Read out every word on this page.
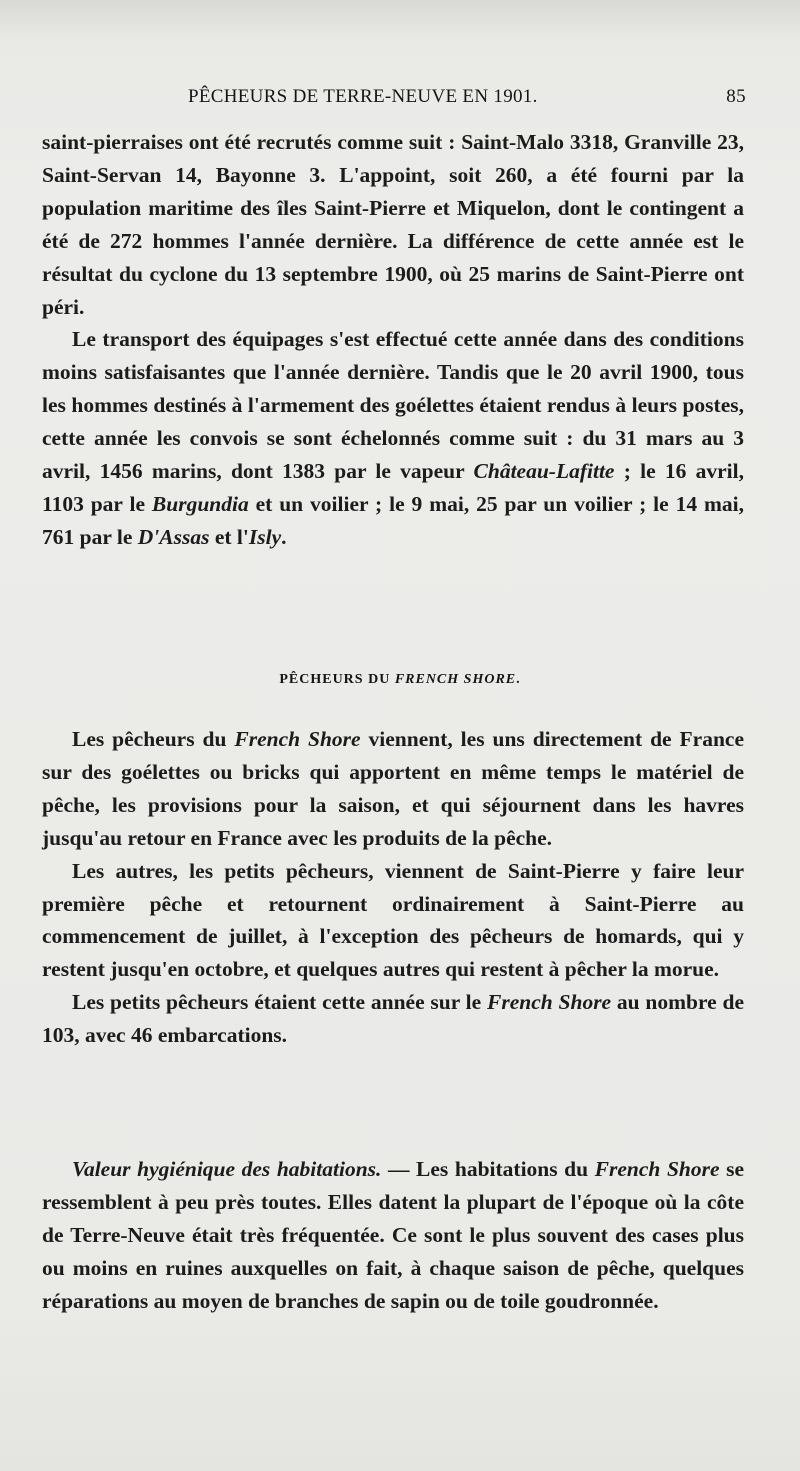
PÊCHEURS DE TERRE-NEUVE EN 1901.	85

saint-pierraises ont été recrutés comme suit : Saint-Malo 3318, Granville 23, Saint-Servan 14, Bayonne 3. L'appoint, soit 260, a été fourni par la population maritime des îles Saint-Pierre et Miquelon, dont le contingent a été de 272 hommes l'année dernière. La différence de cette année est le résultat du cyclone du 13 septembre 1900, où 25 marins de Saint-Pierre ont péri.

Le transport des équipages s'est effectué cette année dans des conditions moins satisfaisantes que l'année dernière. Tandis que le 20 avril 1900, tous les hommes destinés à l'armement des goélettes étaient rendus à leurs postes, cette année les convois se sont échelonnés comme suit : du 31 mars au 3 avril, 1456 marins, dont 1383 par le vapeur Château-Lafitte ; le 16 avril, 1103 par le Burgundia et un voilier ; le 9 mai, 25 par un voilier ; le 14 mai, 761 par le D'Assas et l'Isly.

PÊCHEURS DU FRENCH SHORE.

Les pêcheurs du French Shore viennent, les uns directement de France sur des goélettes ou bricks qui apportent en même temps le matériel de pêche, les provisions pour la saison, et qui séjournent dans les havres jusqu'au retour en France avec les produits de la pêche.

Les autres, les petits pêcheurs, viennent de Saint-Pierre y faire leur première pêche et retournent ordinairement à Saint-Pierre au commencement de juillet, à l'exception des pêcheurs de homards, qui y restent jusqu'en octobre, et quelques autres qui restent à pêcher la morue.

Les petits pêcheurs étaient cette année sur le French Shore au nombre de 103, avec 46 embarcations.

Valeur hygiénique des habitations. — Les habitations du French Shore se ressemblent à peu près toutes. Elles datent la plupart de l'époque où la côte de Terre-Neuve était très fréquentée. Ce sont le plus souvent des cases plus ou moins en ruines auxquelles on fait, à chaque saison de pêche, quelques réparations au moyen de branches de sapin ou de toile goudronnée.
